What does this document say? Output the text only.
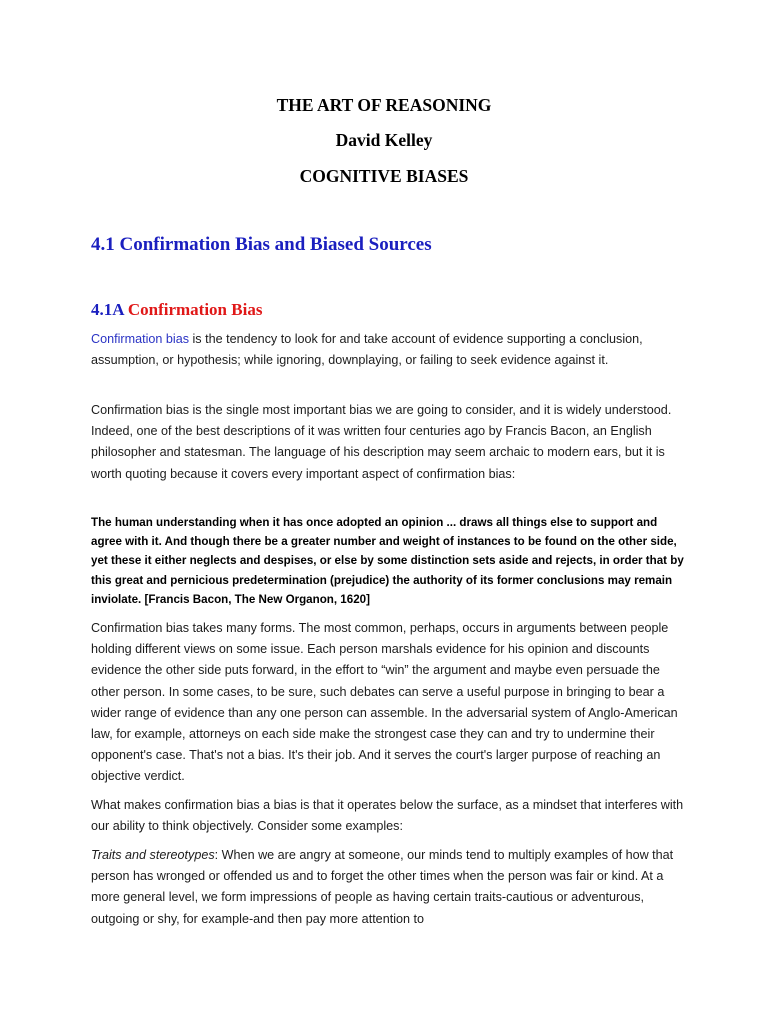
THE ART OF REASONING
David Kelley
COGNITIVE BIASES
4.1 Confirmation Bias and Biased Sources
4.1A Confirmation Bias

Confirmation bias is the tendency to look for and take account of evidence supporting a conclusion, assumption, or hypothesis; while ignoring, downplaying, or failing to seek evidence against it.

Confirmation bias is the single most important bias we are going to consider, and it is widely understood. Indeed, one of the best descriptions of it was written four centuries ago by Francis Bacon, an English philosopher and statesman. The language of his description may seem archaic to modern ears, but it is worth quoting because it covers every important aspect of confirmation bias:

The human understanding when it has once adopted an opinion ... draws all things else to support and agree with it. And though there be a greater number and weight of instances to be found on the other side, yet these it either neglects and despises, or else by some distinction sets aside and rejects, in order that by this great and pernicious predetermination (prejudice) the authority of its former conclusions may remain inviolate. [Francis Bacon, The New Organon, 1620]

Confirmation bias takes many forms. The most common, perhaps, occurs in arguments between people holding different views on some issue. Each person marshals evidence for his opinion and discounts evidence the other side puts forward, in the effort to “win” the argument and maybe even persuade the other person. In some cases, to be sure, such debates can serve a useful purpose in bringing to bear a wider range of evidence than any one person can assemble. In the adversarial system of Anglo-American law, for example, attorneys on each side make the strongest case they can and try to undermine their opponent's case. That's not a bias. It's their job. And it serves the court's larger purpose of reaching an objective verdict.

What makes confirmation bias a bias is that it operates below the surface, as a mindset that interferes with our ability to think objectively. Consider some examples:

Traits and stereotypes: When we are angry at someone, our minds tend to multiply examples of how that person has wronged or offended us and to forget the other times when the person was fair or kind. At a more general level, we form impressions of people as having certain traits-cautious or adventurous, outgoing or shy, for example-and then pay more attention to
